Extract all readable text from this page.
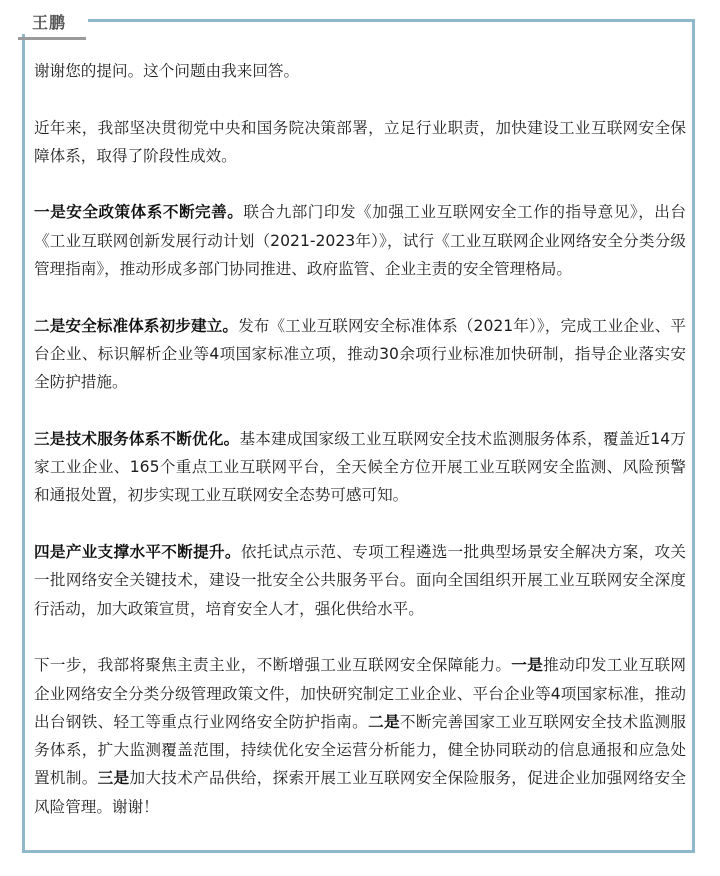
王鹏

谢谢您的提问。这个问题由我来回答。

近年来，我部坚决贯彻党中央和国务院决策部署，立足行业职责，加快建设工业互联网安全保障体系，取得了阶段性成效。

一是安全政策体系不断完善。联合九部门印发《加强工业互联网安全工作的指导意见》，出台《工业互联网创新发展行动计划（2021-2023年）》，试行《工业互联网企业网络安全分类分级管理指南》，推动形成多部门协同推进、政府监管、企业主责的安全管理格局。

二是安全标准体系初步建立。发布《工业互联网安全标准体系（2021年）》，完成工业企业、平台企业、标识解析企业等4项国家标准立项，推动30余项行业标准加快研制，指导企业落实安全防护措施。

三是技术服务体系不断优化。基本建成国家级工业互联网安全技术监测服务体系，覆盖近14万家工业企业、165个重点工业互联网平台，全天候全方位开展工业互联网安全监测、风险预警和通报处置，初步实现工业互联网安全态势可感可知。

四是产业支撑水平不断提升。依托试点示范、专项工程遴选一批典型场景安全解决方案，攻关一批网络安全关键技术，建设一批安全公共服务平台。面向全国组织开展工业互联网安全深度行活动，加大政策宣贯，培育安全人才，强化供给水平。

下一步，我部将聚焦主责主业，不断增强工业互联网安全保障能力。一是推动印发工业互联网企业网络安全分类分级管理政策文件，加快研究制定工业企业、平台企业等4项国家标准，推动出台钢铁、轻工等重点行业网络安全防护指南。二是不断完善国家工业互联网安全技术监测服务体系，扩大监测覆盖范围，持续优化安全运营分析能力，健全协同联动的信息通报和应急处置机制。三是加大技术产品供给，探索开展工业互联网安全保险服务，促进企业加强网络安全风险管理。谢谢！
